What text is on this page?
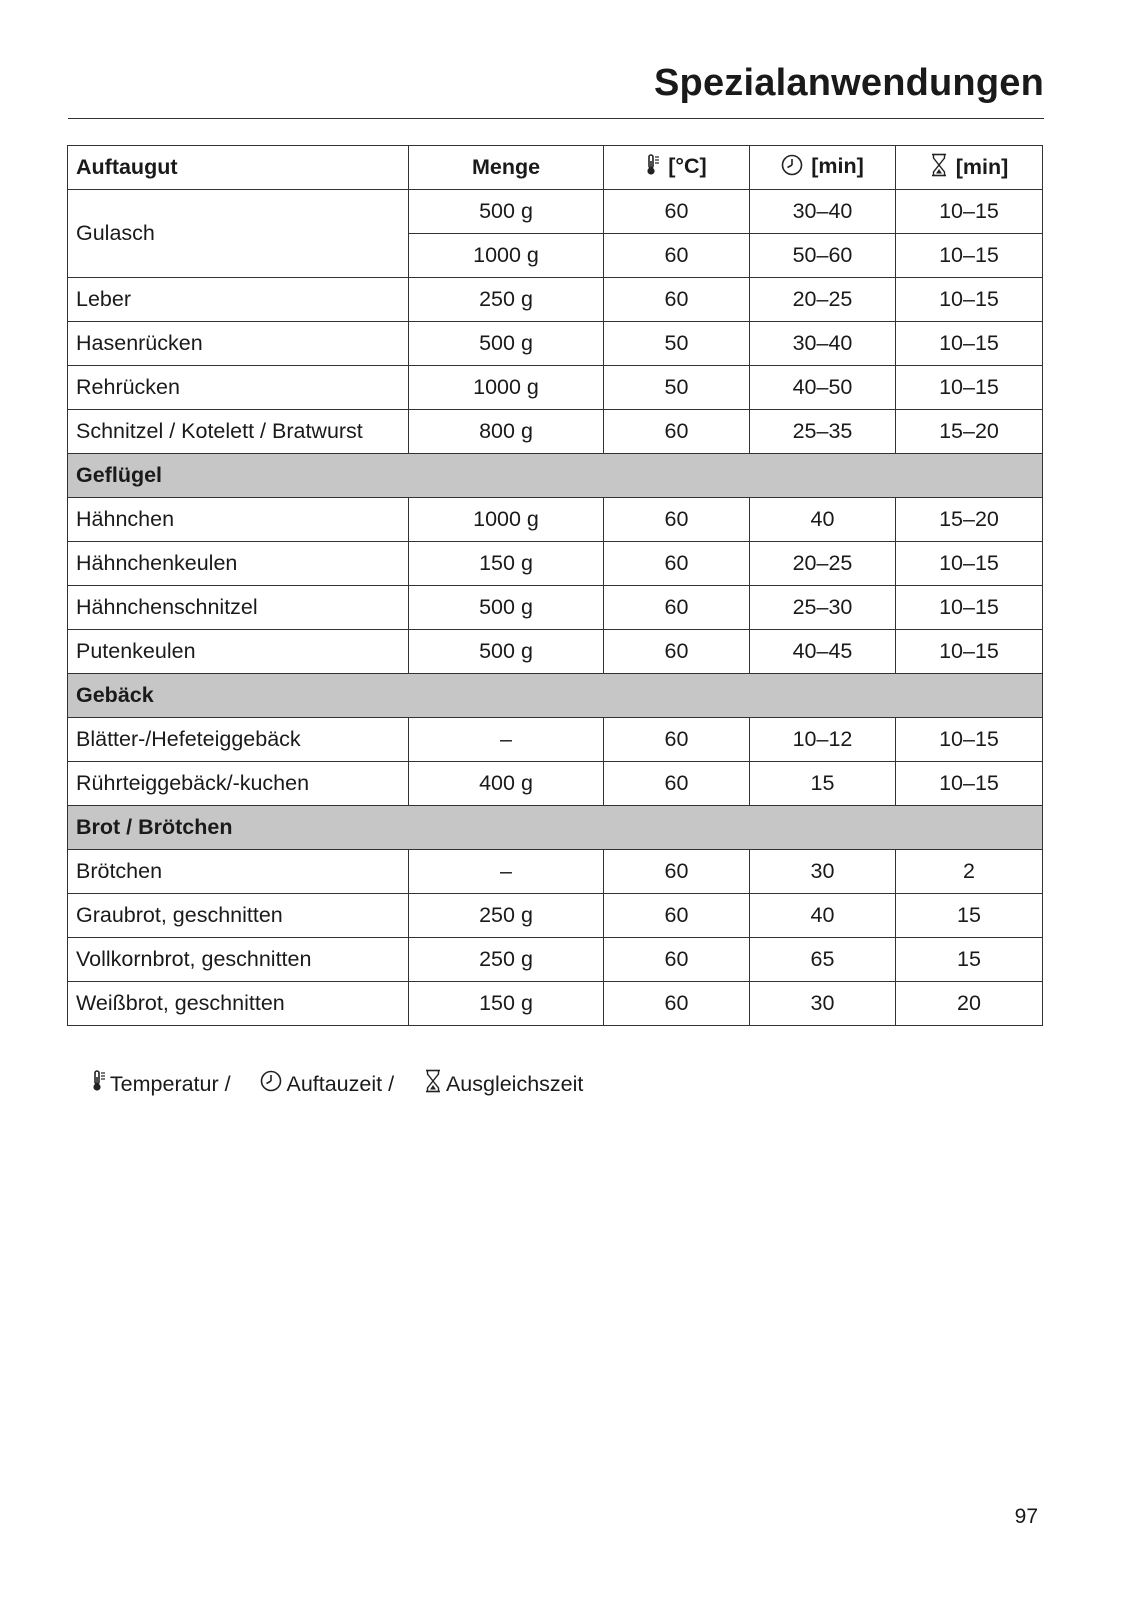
Spezialanwendungen
Auftaugut	Menge	[°C]	[min]	[min]
Gulasch	500 g	60	30–40	10–15
	1000 g	60	50–60	10–15
Leber	250 g	60	20–25	10–15
Hasenrücken	500 g	50	30–40	10–15
Rehrücken	1000 g	50	40–50	10–15
Schnitzel / Kotelett / Bratwurst	800 g	60	25–35	15–20
Geflügel				
Hähnchen	1000 g	60	40	15–20
Hähnchenkeulen	150 g	60	20–25	10–15
Hähnchenschnitzel	500 g	60	25–30	10–15
Putenkeulen	500 g	60	40–45	10–15
Gebäck				
Blätter-/Hefeteiggebäck	–	60	10–12	10–15
Rührteiggebäck/-kuchen	400 g	60	15	10–15
Brot / Brötchen				
Brötchen	–	60	30	2
Graubrot, geschnitten	250 g	60	40	15
Vollkornbrot, geschnitten	250 g	60	65	15
Weißbrot, geschnitten	150 g	60	30	20

Temperatur /

Auftauzeit /

Ausgleichszeit
97
